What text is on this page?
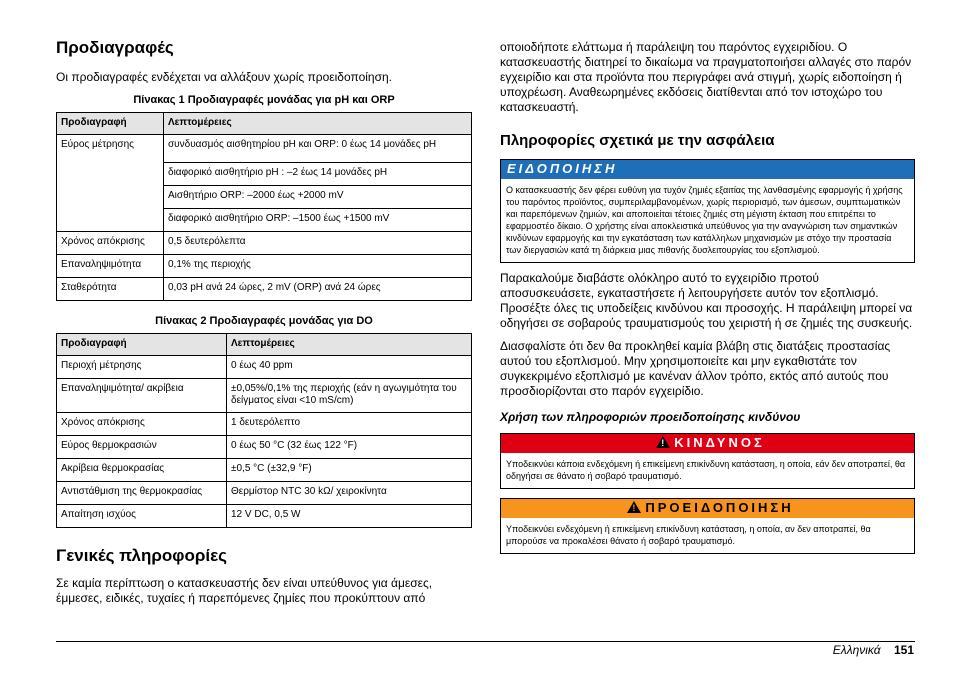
Προδιαγραφές

Οι προδιαγραφές ενδέχεται να αλλάξουν χωρίς προειδοποίηση.

Πίνακας 1 Προδιαγραφές μονάδας για pH και ORP
Προδιαγραφή	Λεπτομέρειες
Εύρος μέτρησης	συνδυασμός αισθητηρίου pH και ORP: 0 έως 14 μονάδες pH
	διαφορικό αισθητήριο pH : –2 έως 14 μονάδες pH
	Αισθητήριο ORP: –2000 έως +2000 mV
	διαφορικό αισθητήριο ORP: –1500 έως +1500 mV
Χρόνος απόκρισης	0,5 δευτερόλεπτα
Επαναληψιμότητα	0,1% της περιοχής
Σταθερότητα	0,03 pH ανά 24 ώρες, 2 mV (ORP) ανά 24 ώρες
Πίνακας 2 Προδιαγραφές μονάδας για DO
Προδιαγραφή	Λεπτομέρειες
Περιοχή μέτρησης	0 έως 40 ppm
Επαναληψιμότητα/ ακρίβεια	±0,05%/0,1% της περιοχής (εάν η αγωγιμότητα του δείγματος είναι <10 mS/cm)
Χρόνος απόκρισης	1 δευτερόλεπτο
Εύρος θερμοκρασιών	0 έως 50 °C (32 έως 122 °F)
Ακρίβεια θερμοκρασίας	±0,5 °C (±32,9 °F)
Αντιστάθμιση της θερμοκρασίας	Θερμίστορ NTC 30 kΩ/ χειροκίνητα
Απαίτηση ισχύος	12 V DC, 0,5 W
Γενικές πληροφορίες

Σε καμία περίπτωση ο κατασκευαστής δεν είναι υπεύθυνος για άμεσες, έμμεσες, ειδικές, τυχαίες ή παρεπόμενες ζημίες που προκύπτουν από

οποιοδήποτε ελάττωμα ή παράλειψη του παρόντος εγχειριδίου. Ο κατασκευαστής διατηρεί το δικαίωμα να πραγματοποιήσει αλλαγές στο παρόν εγχειρίδιο και στα προϊόντα που περιγράφει ανά στιγμή, χωρίς ειδοποίηση ή υποχρέωση. Αναθεωρημένες εκδόσεις διατίθενται από τον ιστοχώρο του κατασκευαστή.

Πληροφορίες σχετικά με την ασφάλεια
ΕΙΔΟΠΟΙΗΣΗ
Ο κατασκευαστής δεν φέρει ευθύνη για τυχόν ζημιές εξαιτίας της λανθασμένης εφαρμογής ή χρήσης του παρόντος προϊόντος, συμπεριλαμβανομένων, χωρίς περιορισμό, των άμεσων, συμπτωματικών και παρεπόμενων ζημιών, και αποποιείται τέτοιες ζημιές στη μέγιστη έκταση που επιτρέπει το εφαρμοστέο δίκαιο. Ο χρήστης είναι αποκλειστικά υπεύθυνος για την αναγνώριση των σημαντικών κινδύνων εφαρμογής και την εγκατάσταση των κατάλληλων μηχανισμών με στόχο την προστασία των διεργασιών κατά τη διάρκεια μιας πιθανής δυσλειτουργίας του εξοπλισμού.

Παρακαλούμε διαβάστε ολόκληρο αυτό το εγχειρίδιο προτού αποσυσκευάσετε, εγκαταστήσετε ή λειτουργήσετε αυτόν τον εξοπλισμό. Προσέξτε όλες τις υποδείξεις κινδύνου και προσοχής. Η παράλειψη μπορεί να οδηγήσει σε σοβαρούς τραυματισμούς του χειριστή ή σε ζημιές της συσκευής.

Διασφαλίστε ότι δεν θα προκληθεί καμία βλάβη στις διατάξεις προστασίας αυτού του εξοπλισμού. Μην χρησιμοποιείτε και μην εγκαθιστάτε τον συγκεκριμένο εξοπλισμό με κανέναν άλλον τρόπο, εκτός από αυτούς που προσδιορίζονται στο παρόν εγχειρίδιο.

Χρήση των πληροφοριών προειδοποίησης κινδύνου
! ΚΙΝΔΥΝΟΣ
Υποδεικνύει κάποια ενδεχόμενη ή επικείμενη επικίνδυνη κατάσταση, η οποία, εάν δεν αποτραπεί, θα οδηγήσει σε θάνατο ή σοβαρό τραυματισμό.
! ΠΡΟΕΙΔΟΠΟΙΗΣΗ
Υποδεικνύει ενδεχόμενη ή επικείμενη επικίνδυνη κατάσταση, η οποία, αν δεν αποτραπεί, θα μπορούσε να προκαλέσει θάνατο ή σοβαρό τραυματισμό.
Ελληνικά 151
